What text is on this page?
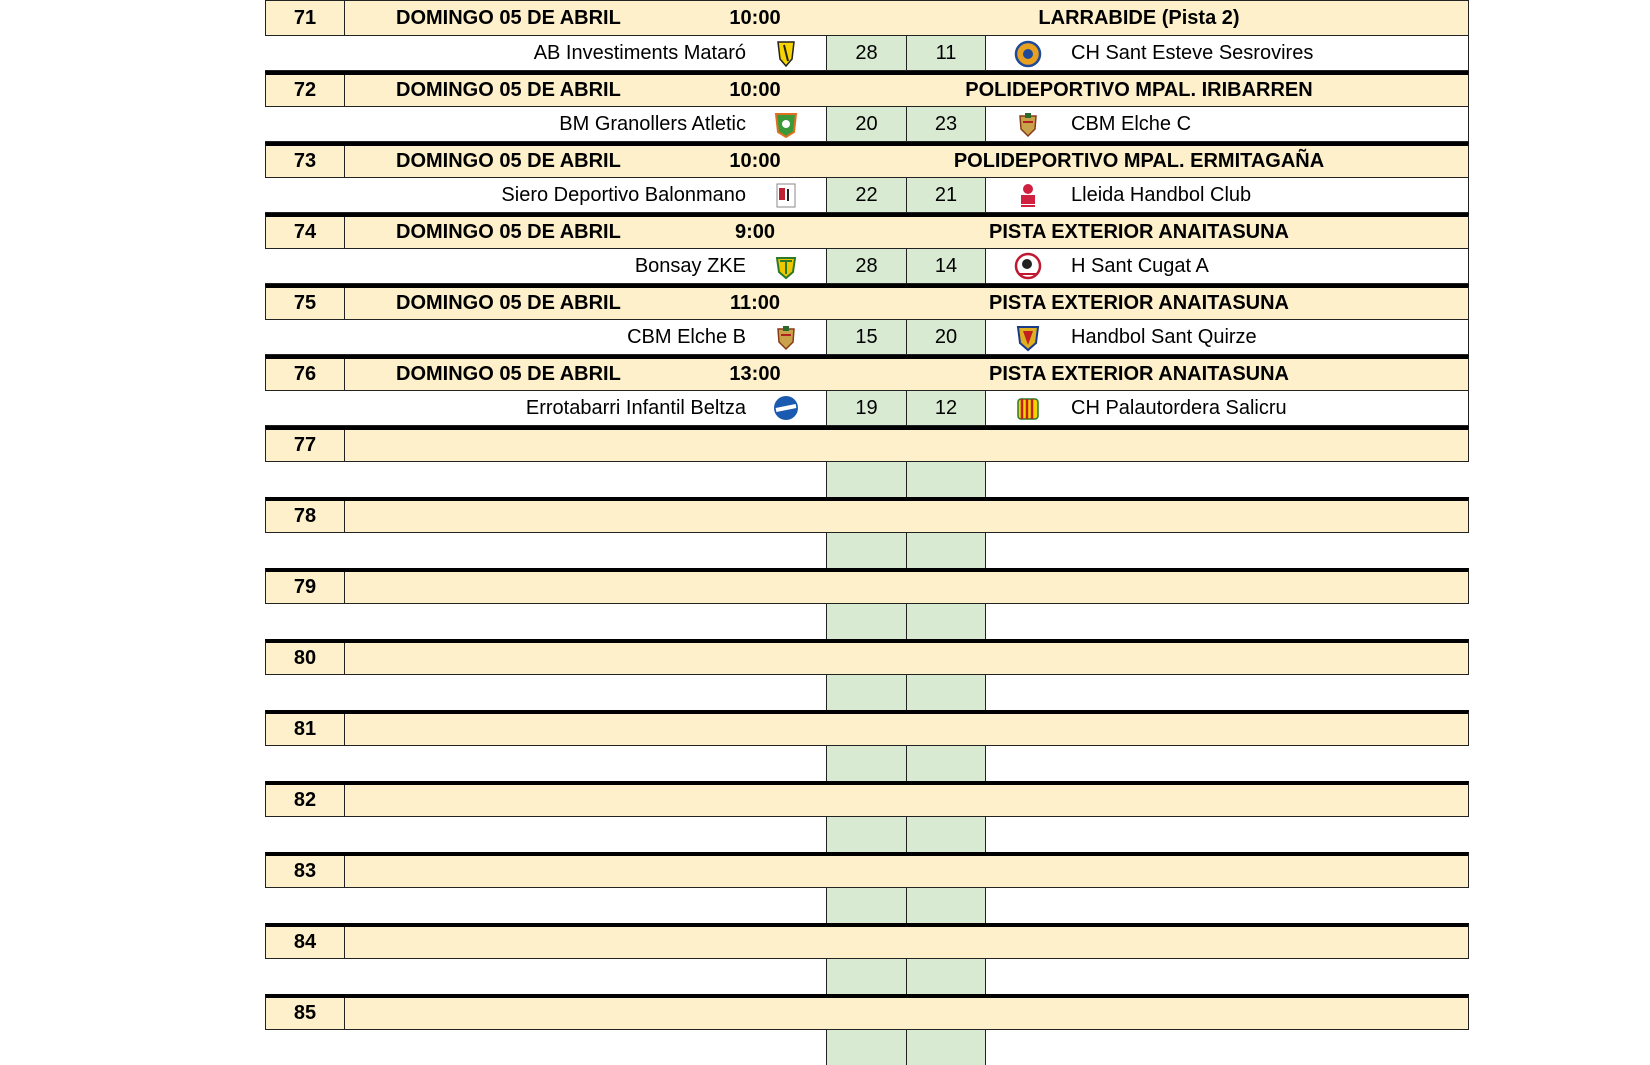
71	DOMINGO 05 DE ABRIL	10:00	LARRABIDE (Pista 2)
AB Investiments Mataró	28	11	CH Sant Esteve Sesrovires
72	DOMINGO 05 DE ABRIL	10:00	POLIDEPORTIVO MPAL. IRIBARREN
BM Granollers Atletic	20	23	CBM Elche C
73	DOMINGO 05 DE ABRIL	10:00	POLIDEPORTIVO MPAL. ERMITAGAÑA
Siero Deportivo Balonmano	22	21	Lleida Handbol Club
74	DOMINGO 05 DE ABRIL	9:00	PISTA EXTERIOR ANAITASUNA
Bonsay ZKE	28	14	H Sant Cugat A
75	DOMINGO 05 DE ABRIL	11:00	PISTA EXTERIOR ANAITASUNA
CBM Elche B	15	20	Handbol Sant Quirze
76	DOMINGO 05 DE ABRIL	13:00	PISTA EXTERIOR ANAITASUNA
Errotabarri Infantil Beltza	19	12	CH Palautordera Salicru
77
78
79
80
81
82
83
84
85
